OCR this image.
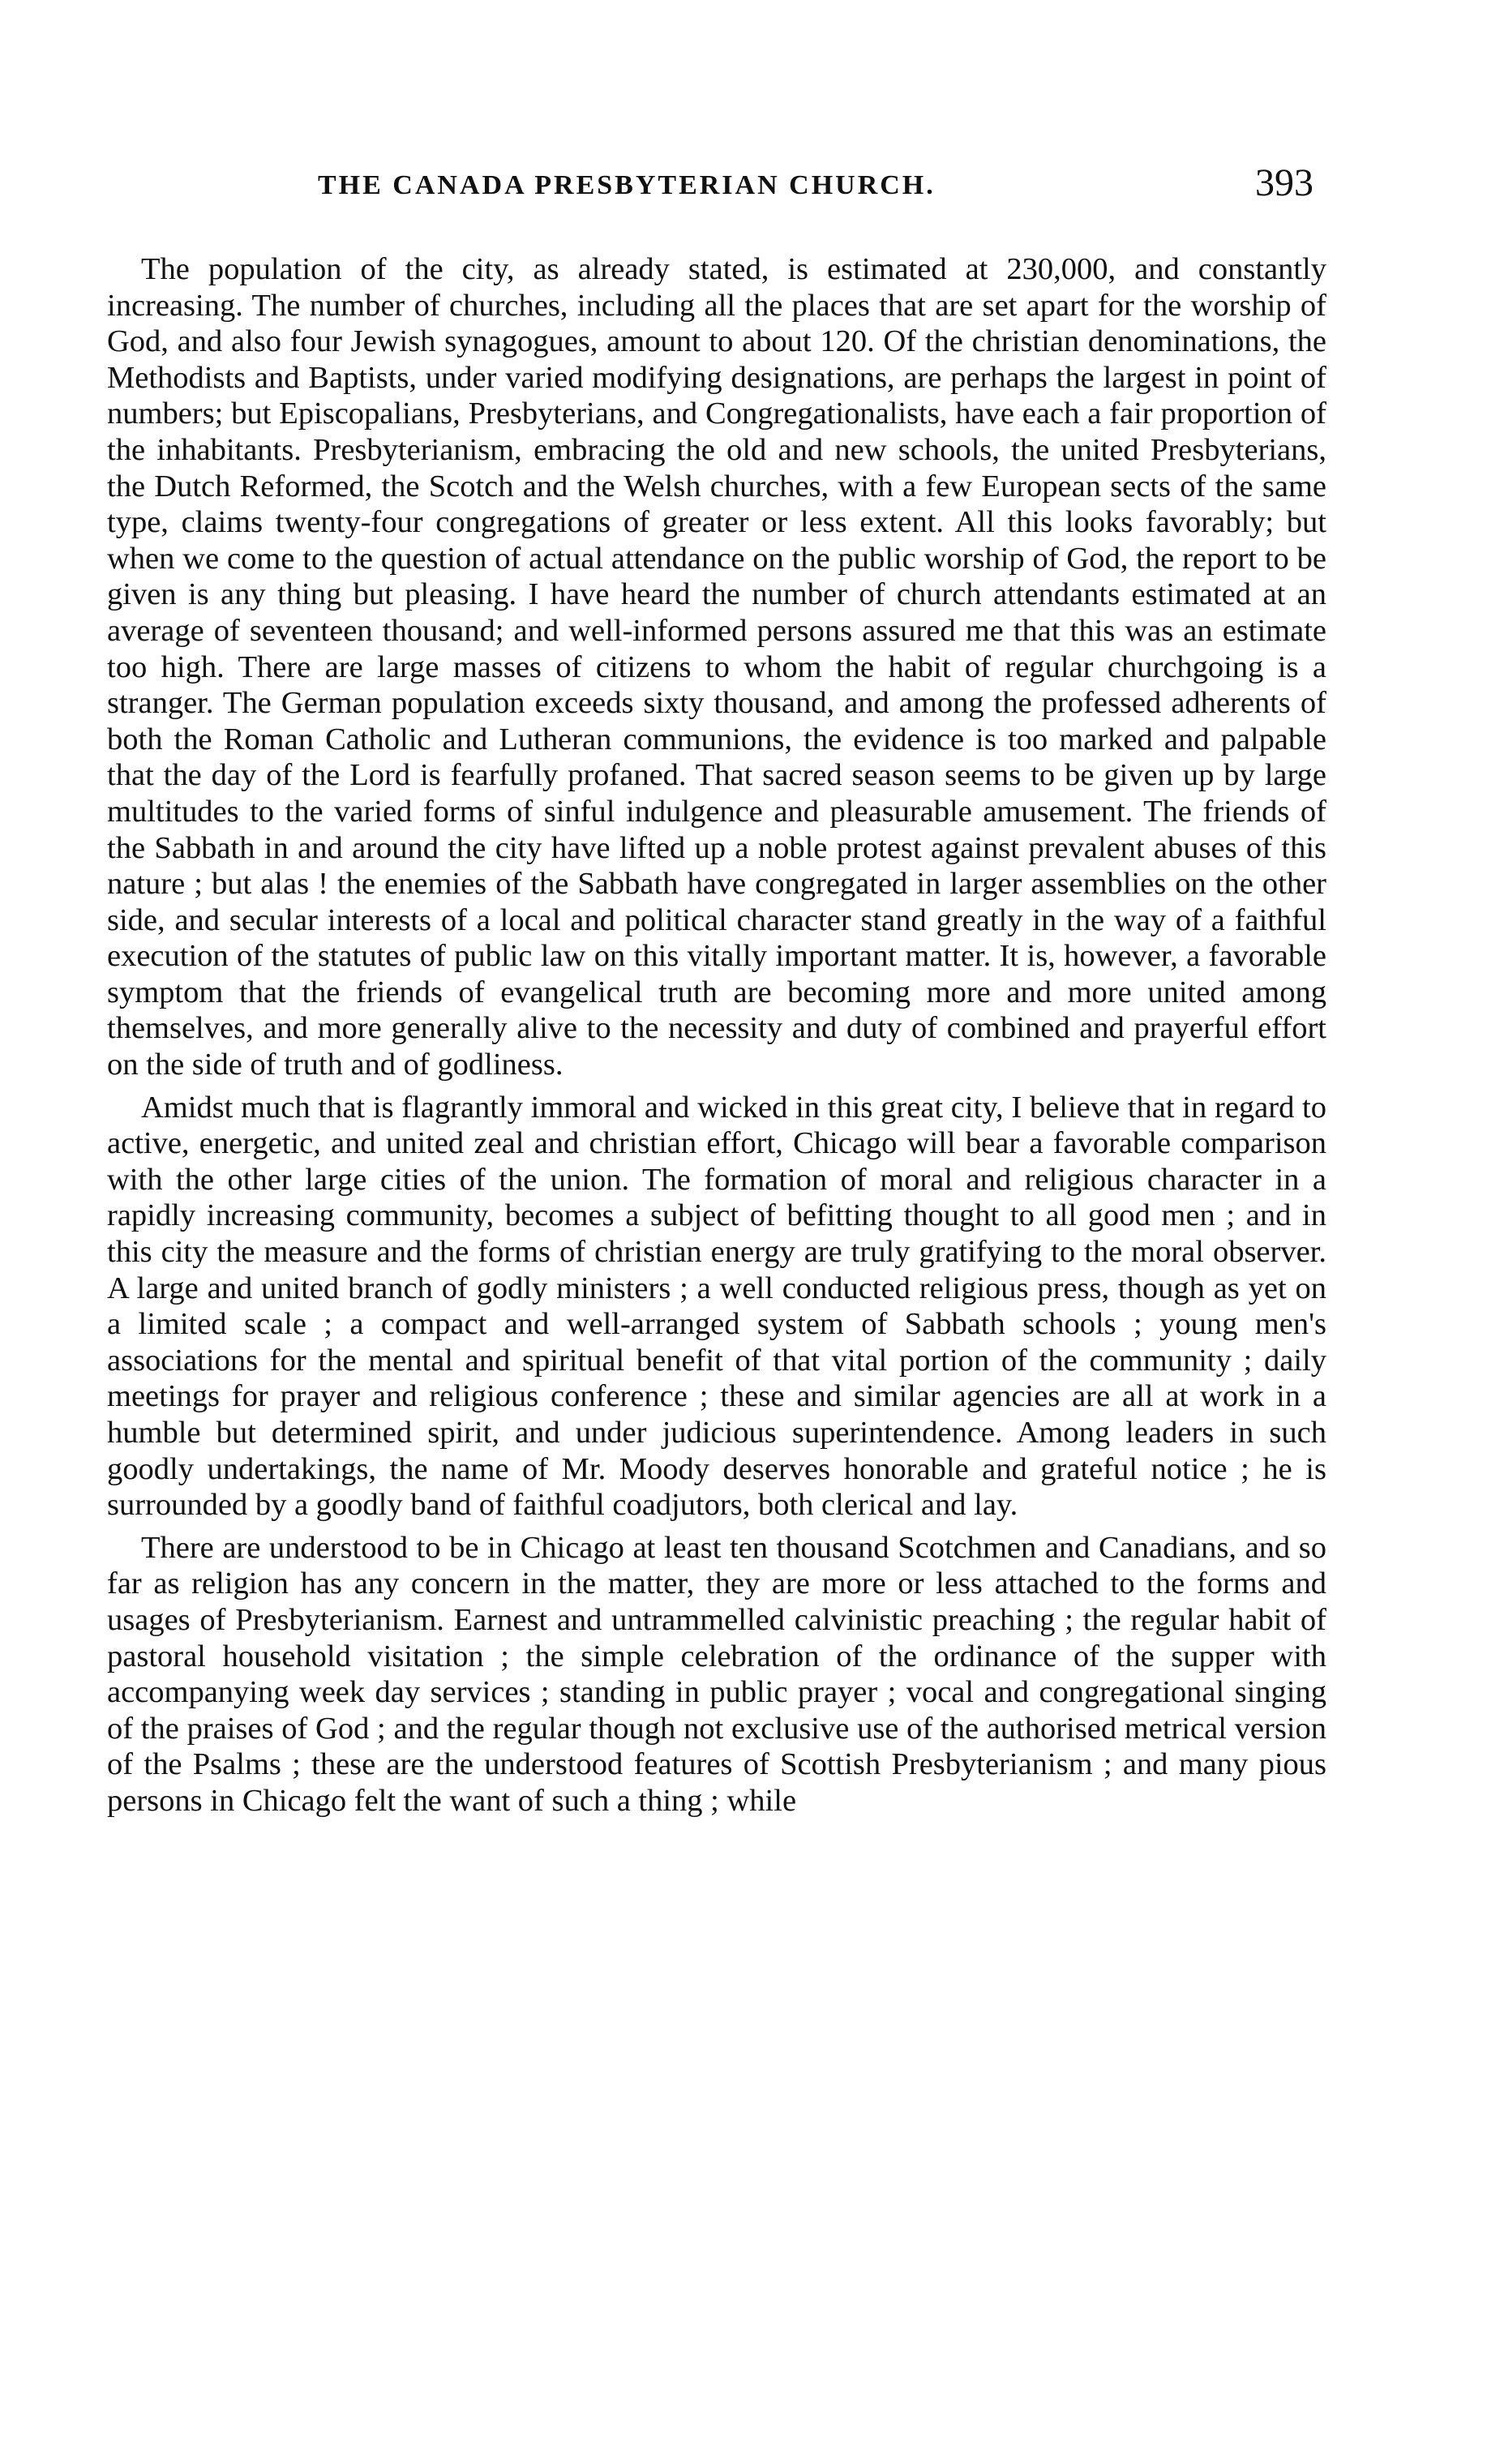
THE CANADA PRESBYTERIAN CHURCH.	393

The population of the city, as already stated, is estimated at 230,000, and constantly increasing. The number of churches, including all the places that are set apart for the worship of God, and also four Jewish synagogues, amount to about 120. Of the christian denominations, the Methodists and Baptists, under varied modifying designations, are perhaps the largest in point of numbers; but Episcopalians, Presbyterians, and Congregationalists, have each a fair proportion of the inhabitants. Presbyterianism, embracing the old and new schools, the united Presbyterians, the Dutch Reformed, the Scotch and the Welsh churches, with a few European sects of the same type, claims twenty-four congregations of greater or less extent. All this looks favorably; but when we come to the question of actual attendance on the public worship of God, the report to be given is any thing but pleasing. I have heard the number of church attendants estimated at an average of seventeen thousand; and well-informed persons assured me that this was an estimate too high. There are large masses of citizens to whom the habit of regular churchgoing is a stranger. The German population exceeds sixty thousand, and among the professed adherents of both the Roman Catholic and Lutheran communions, the evidence is too marked and palpable that the day of the Lord is fearfully profaned. That sacred season seems to be given up by large multitudes to the varied forms of sinful indulgence and pleasurable amusement. The friends of the Sabbath in and around the city have lifted up a noble protest against prevalent abuses of this nature ; but alas ! the enemies of the Sabbath have congregated in larger assemblies on the other side, and secular interests of a local and political character stand greatly in the way of a faithful execution of the statutes of public law on this vitally important matter. It is, however, a favorable symptom that the friends of evangelical truth are becoming more and more united among themselves, and more generally alive to the necessity and duty of combined and prayerful effort on the side of truth and of godliness.

Amidst much that is flagrantly immoral and wicked in this great city, I believe that in regard to active, energetic, and united zeal and christian effort, Chicago will bear a favorable comparison with the other large cities of the union. The formation of moral and religious character in a rapidly increasing community, becomes a subject of befitting thought to all good men ; and in this city the measure and the forms of christian energy are truly gratifying to the moral observer. A large and united branch of godly ministers ; a well conducted religious press, though as yet on a limited scale ; a compact and well-arranged system of Sabbath schools ; young men's associations for the mental and spiritual benefit of that vital portion of the community ; daily meetings for prayer and religious conference ; these and similar agencies are all at work in a humble but determined spirit, and under judicious superintendence. Among leaders in such goodly undertakings, the name of Mr. Moody deserves honorable and grateful notice ; he is surrounded by a goodly band of faithful coadjutors, both clerical and lay.

There are understood to be in Chicago at least ten thousand Scotchmen and Canadians, and so far as religion has any concern in the matter, they are more or less attached to the forms and usages of Presbyterianism. Earnest and untrammelled calvinistic preaching ; the regular habit of pastoral household visitation ; the simple celebration of the ordinance of the supper with accompanying week day services ; standing in public prayer ; vocal and congregational singing of the praises of God ; and the regular though not exclusive use of the authorised metrical version of the Psalms ; these are the understood features of Scottish Presbyterianism ; and many pious persons in Chicago felt the want of such a thing ; while
